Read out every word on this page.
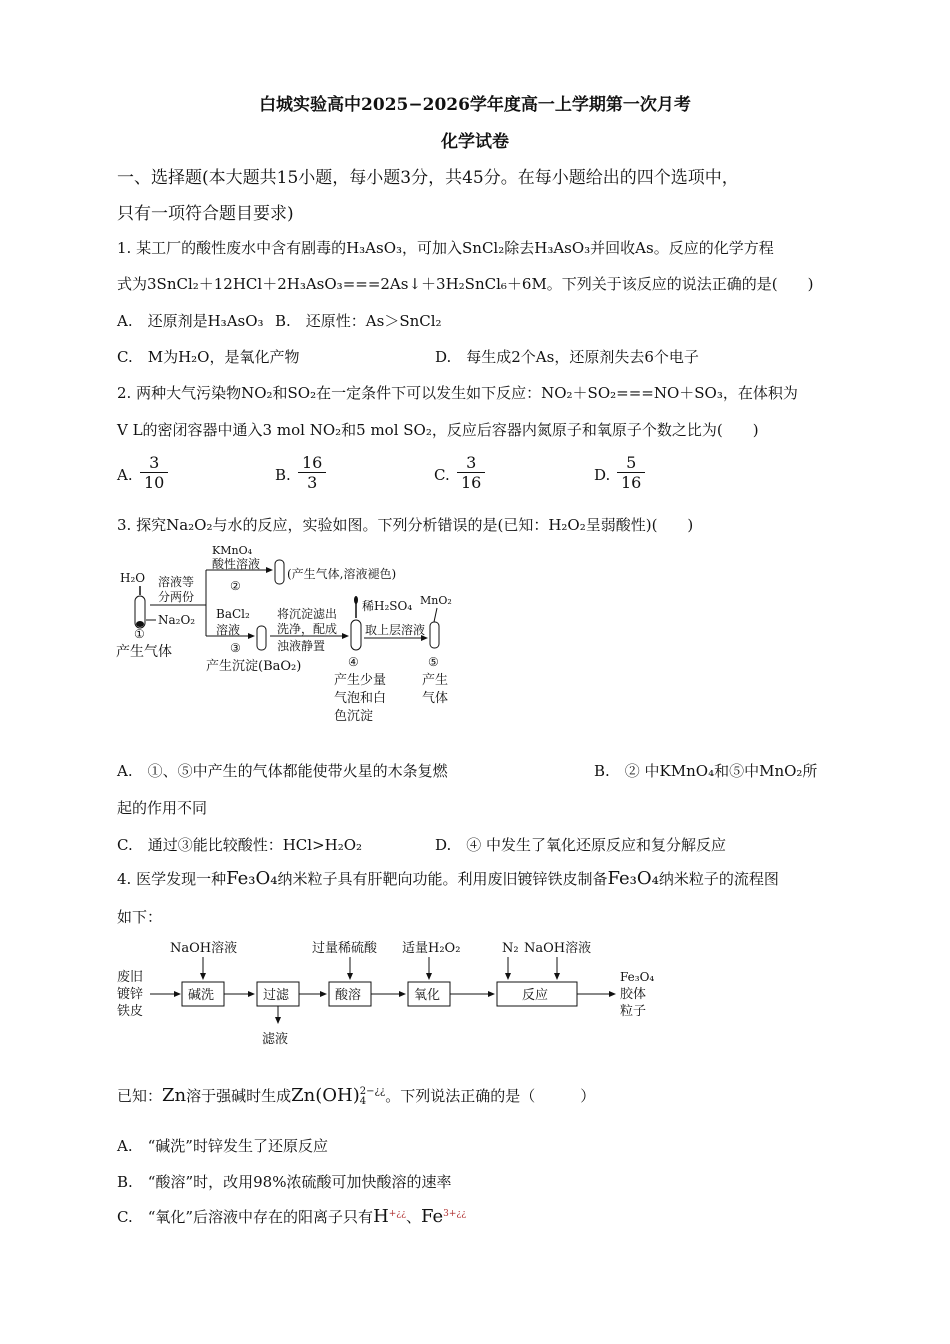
白城实验高中2025−2026学年度高一上学期第一次月考
化学试卷
一、选择题(本大题共15小题，每小题3分，共45分。在每小题给出的四个选项中，
只有一项符合题目要求)
1. 某工厂的酸性废水中含有剧毒的H₃AsO₃，可加入SnCl₂除去H₃AsO₃并回收As。反应的化学方程
式为3SnCl₂＋12HCl＋2H₃AsO₃===2As↓＋3H₂SnCl₆＋6M。下列关于该反应的说法正确的是(　　)
A.　还原剂是H₃AsO₃ B.　还原性：As＞SnCl₂
C.　M为H₂O，是氧化产物	D.　每生成2个As，还原剂失去6个电子
2. 两种大气污染物NO₂和SO₂在一定条件下可以发生如下反应：NO₂＋SO₂===NO＋SO₃，在体积为
V L的密闭容器中通入3 mol NO₂和5 mol SO₂，反应后容器内氮原子和氧原子个数之比为(　　)
A. $\frac{3}{10}$	B. $\frac{16}{3}$	C. $\frac{3}{16}$	D. $\frac{5}{16}$
3. 探究Na₂O₂与水的反应，实验如图。下列分析错误的是(已知：H₂O₂呈弱酸性)(　　)
H₂O
Na₂O₂
①
产生气体
溶液等
分两份
KMnO₄
酸性溶液
②
(产生气体,溶液褪色)
BaCl₂
溶液
③
产生沉淀(BaO₂)
将沉淀滤出
洗净，配成
浊液静置
稀H₂SO₄
④
产生少量
气泡和白
色沉淀
取上层溶液
MnO₂
⑤
产生
气体
A.　①、⑤中产生的气体都能使带火星的木条复燃	B.　② 中KMnO₄和⑤中MnO₂所
起的作用不同
C.　通过③能比较酸性：HCl>H₂O₂	D.　④ 中发生了氧化还原反应和复分解反应
4. 医学发现一种Fe₃O₄纳米粒子具有肝靶向功能。利用废旧镀锌铁皮制备Fe₃O₄纳米粒子的流程图
如下：
废旧
镀锌
铁皮
NaOH溶液
碱洗	过滤
滤液
过量稀硫酸
酸溶
适量H₂O₂
氧化
N₂ NaOH溶液
反应
Fe₃O₄
胶体
粒子
已知：Zn溶于强碱时生成Zn(OH) 2−¿¿
4	。下列说法正确的是（　　　）
A.　“碱洗”时锌发生了还原反应
B.　“酸溶”时，改用98%浓硫酸可加快酸溶的速率
C.　“氧化”后溶液中存在的阳离子只有H+¿¿、$Fe^{3+¿¿}$
